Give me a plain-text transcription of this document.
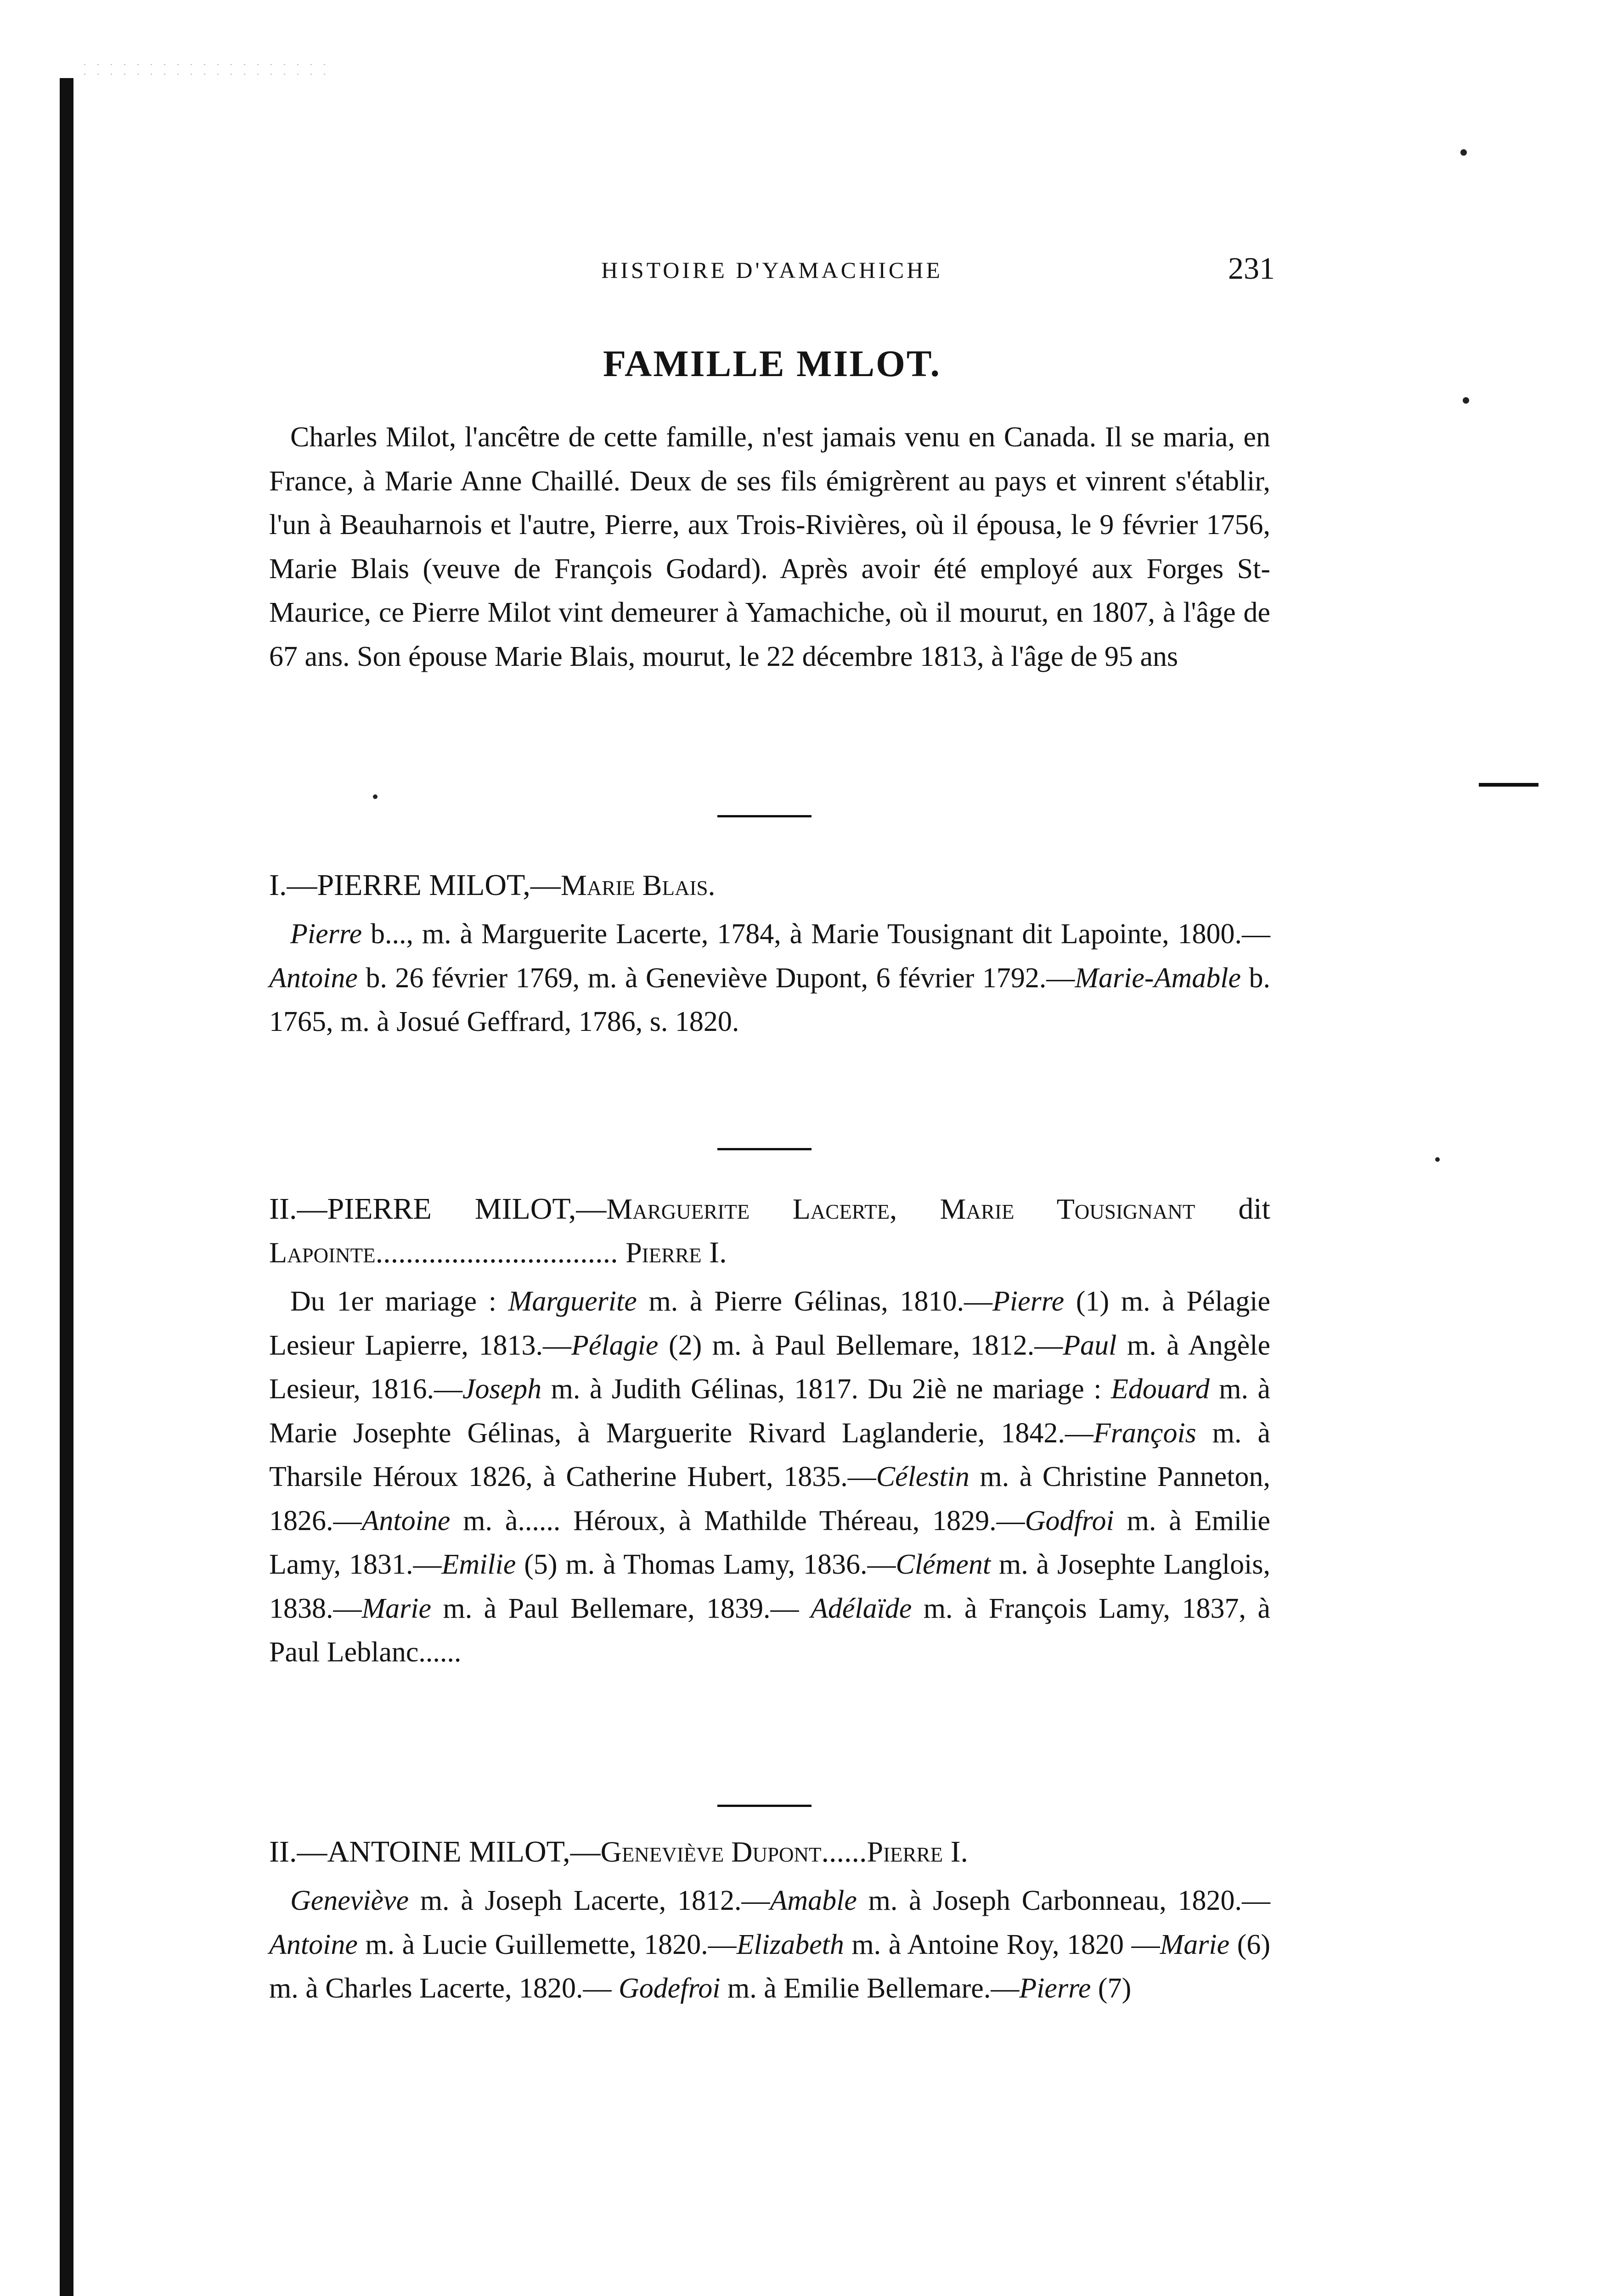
HISTOIRE D'YAMACHICHE	231
FAMILLE MILOT.

Charles Milot, l'ancêtre de cette famille, n'est jamais venu en Canada. Il se maria, en France, à Marie Anne Chaillé. Deux de ses fils émigrèrent au pays et vinrent s'établir, l'un à Beauharnois et l'autre, Pierre, aux Trois-Rivières, où il épousa, le 9 février 1756, Marie Blais (veuve de François Godard). Après avoir été employé aux Forges St-Maurice, ce Pierre Milot vint demeurer à Yamachiche, où il mourut, en 1807, à l'âge de 67 ans. Son épouse Marie Blais, mourut, le 22 décembre 1813, à l'âge de 95 ans

I.—PIERRE MILOT,—Marie Blais.

Pierre b..., m. à Marguerite Lacerte, 1784, à Marie Tousignant dit Lapointe, 1800.—Antoine b. 26 février 1769, m. à Geneviève Dupont, 6 février 1792.—Marie-Amable b. 1765, m. à Josué Geffrard, 1786, s. 1820.

II.—PIERRE MILOT,—Marguerite Lacerte, Marie Tousignant dit Lapointe................................ Pierre I.

Du 1er mariage : Marguerite m. à Pierre Gélinas, 1810.—Pierre (1) m. à Pélagie Lesieur Lapierre, 1813.—Pélagie (2) m. à Paul Bellemare, 1812.—Paul m. à Angèle Lesieur, 1816.—Joseph m. à Judith Gélinas, 1817. Du 2iè ne mariage : Edouard m. à Marie Josephte Gélinas, à Marguerite Rivard Laglanderie, 1842.—François m. à Tharsile Héroux 1826, à Catherine Hubert, 1835.—Célestin m. à Christine Panneton, 1826.—Antoine m. à...... Héroux, à Mathilde Théreau, 1829.—Godfroi m. à Emilie Lamy, 1831.—Emilie (5) m. à Thomas Lamy, 1836.—Clément m. à Josephte Langlois, 1838.—Marie m. à Paul Bellemare, 1839.— Adélaïde m. à François Lamy, 1837, à Paul Leblanc......

II.—ANTOINE MILOT,—Geneviève Dupont......Pierre I.

Geneviève m. à Joseph Lacerte, 1812.—Amable m. à Joseph Carbonneau, 1820.—Antoine m. à Lucie Guillemette, 1820.—Elizabeth m. à Antoine Roy, 1820 —Marie (6) m. à Charles Lacerte, 1820.— Godefroi m. à Emilie Bellemare.—Pierre (7)
